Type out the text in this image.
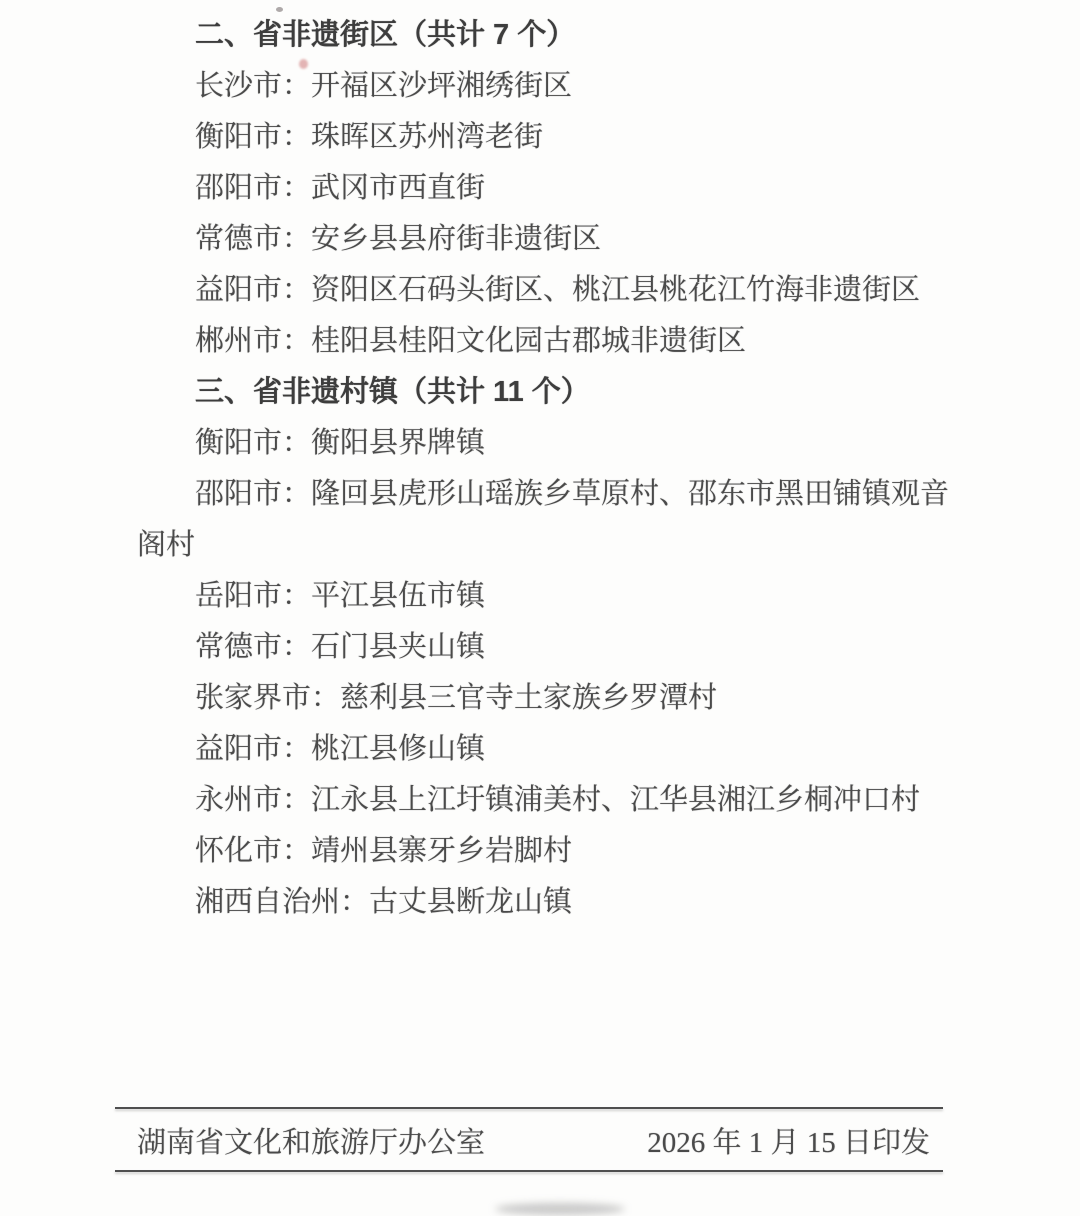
二、省非遗街区（共计 7 个）

长沙市：开福区沙坪湘绣街区

衡阳市：珠晖区苏州湾老街

邵阳市：武冈市西直街

常德市：安乡县县府街非遗街区

益阳市：资阳区石码头街区、桃江县桃花江竹海非遗街区

郴州市：桂阳县桂阳文化园古郡城非遗街区

三、省非遗村镇（共计 11 个）

衡阳市：衡阳县界牌镇

邵阳市：隆回县虎形山瑶族乡草原村、邵东市黑田铺镇观音阁村

岳阳市：平江县伍市镇

常德市：石门县夹山镇

张家界市：慈利县三官寺土家族乡罗潭村

益阳市：桃江县修山镇

永州市：江永县上江圩镇浦美村、江华县湘江乡桐冲口村

怀化市：靖州县寨牙乡岩脚村

湘西自治州：古丈县断龙山镇

湖南省文化和旅游厅办公室	2026 年 1 月 15 日印发
